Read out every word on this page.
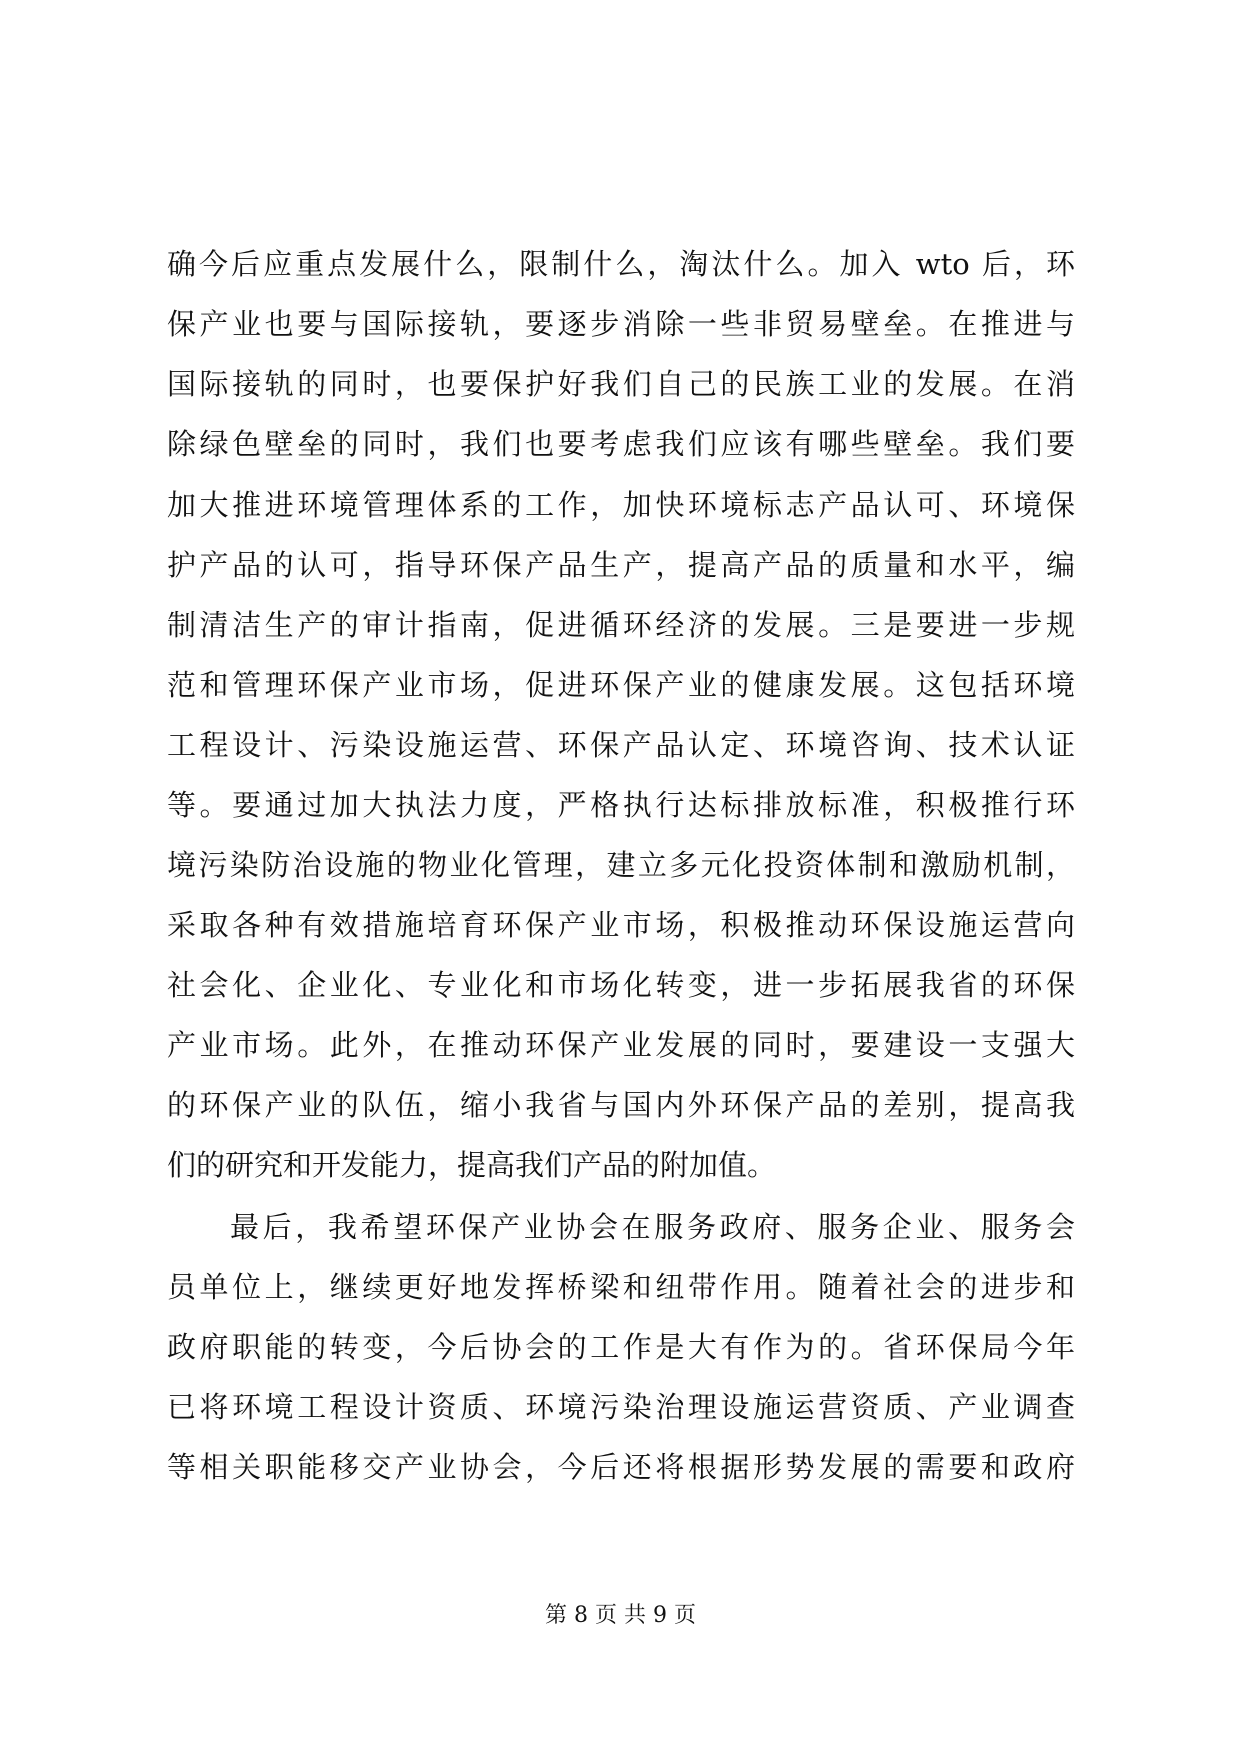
确今后应重点发展什么，限制什么，淘汰什么。加入 wto 后，环
保产业也要与国际接轨，要逐步消除一些非贸易壁垒。在推进与
国际接轨的同时，也要保护好我们自己的民族工业的发展。在消
除绿色壁垒的同时，我们也要考虑我们应该有哪些壁垒。我们要
加大推进环境管理体系的工作，加快环境标志产品认可、环境保
护产品的认可，指导环保产品生产，提高产品的质量和水平，编
制清洁生产的审计指南，促进循环经济的发展。三是要进一步规
范和管理环保产业市场，促进环保产业的健康发展。这包括环境
工程设计、污染设施运营、环保产品认定、环境咨询、技术认证
等。要通过加大执法力度，严格执行达标排放标准，积极推行环
境污染防治设施的物业化管理，建立多元化投资体制和激励机制，
采取各种有效措施培育环保产业市场，积极推动环保设施运营向
社会化、企业化、专业化和市场化转变，进一步拓展我省的环保
产业市场。此外，在推动环保产业发展的同时，要建设一支强大
的环保产业的队伍，缩小我省与国内外环保产品的差别，提高我
们的研究和开发能力，提高我们产品的附加值。
最后，我希望环保产业协会在服务政府、服务企业、服务会
员单位上，继续更好地发挥桥梁和纽带作用。随着社会的进步和
政府职能的转变，今后协会的工作是大有作为的。省环保局今年
已将环境工程设计资质、环境污染治理设施运营资质、产业调查
等相关职能移交产业协会，今后还将根据形势发展的需要和政府
第 8 页 共 9 页
